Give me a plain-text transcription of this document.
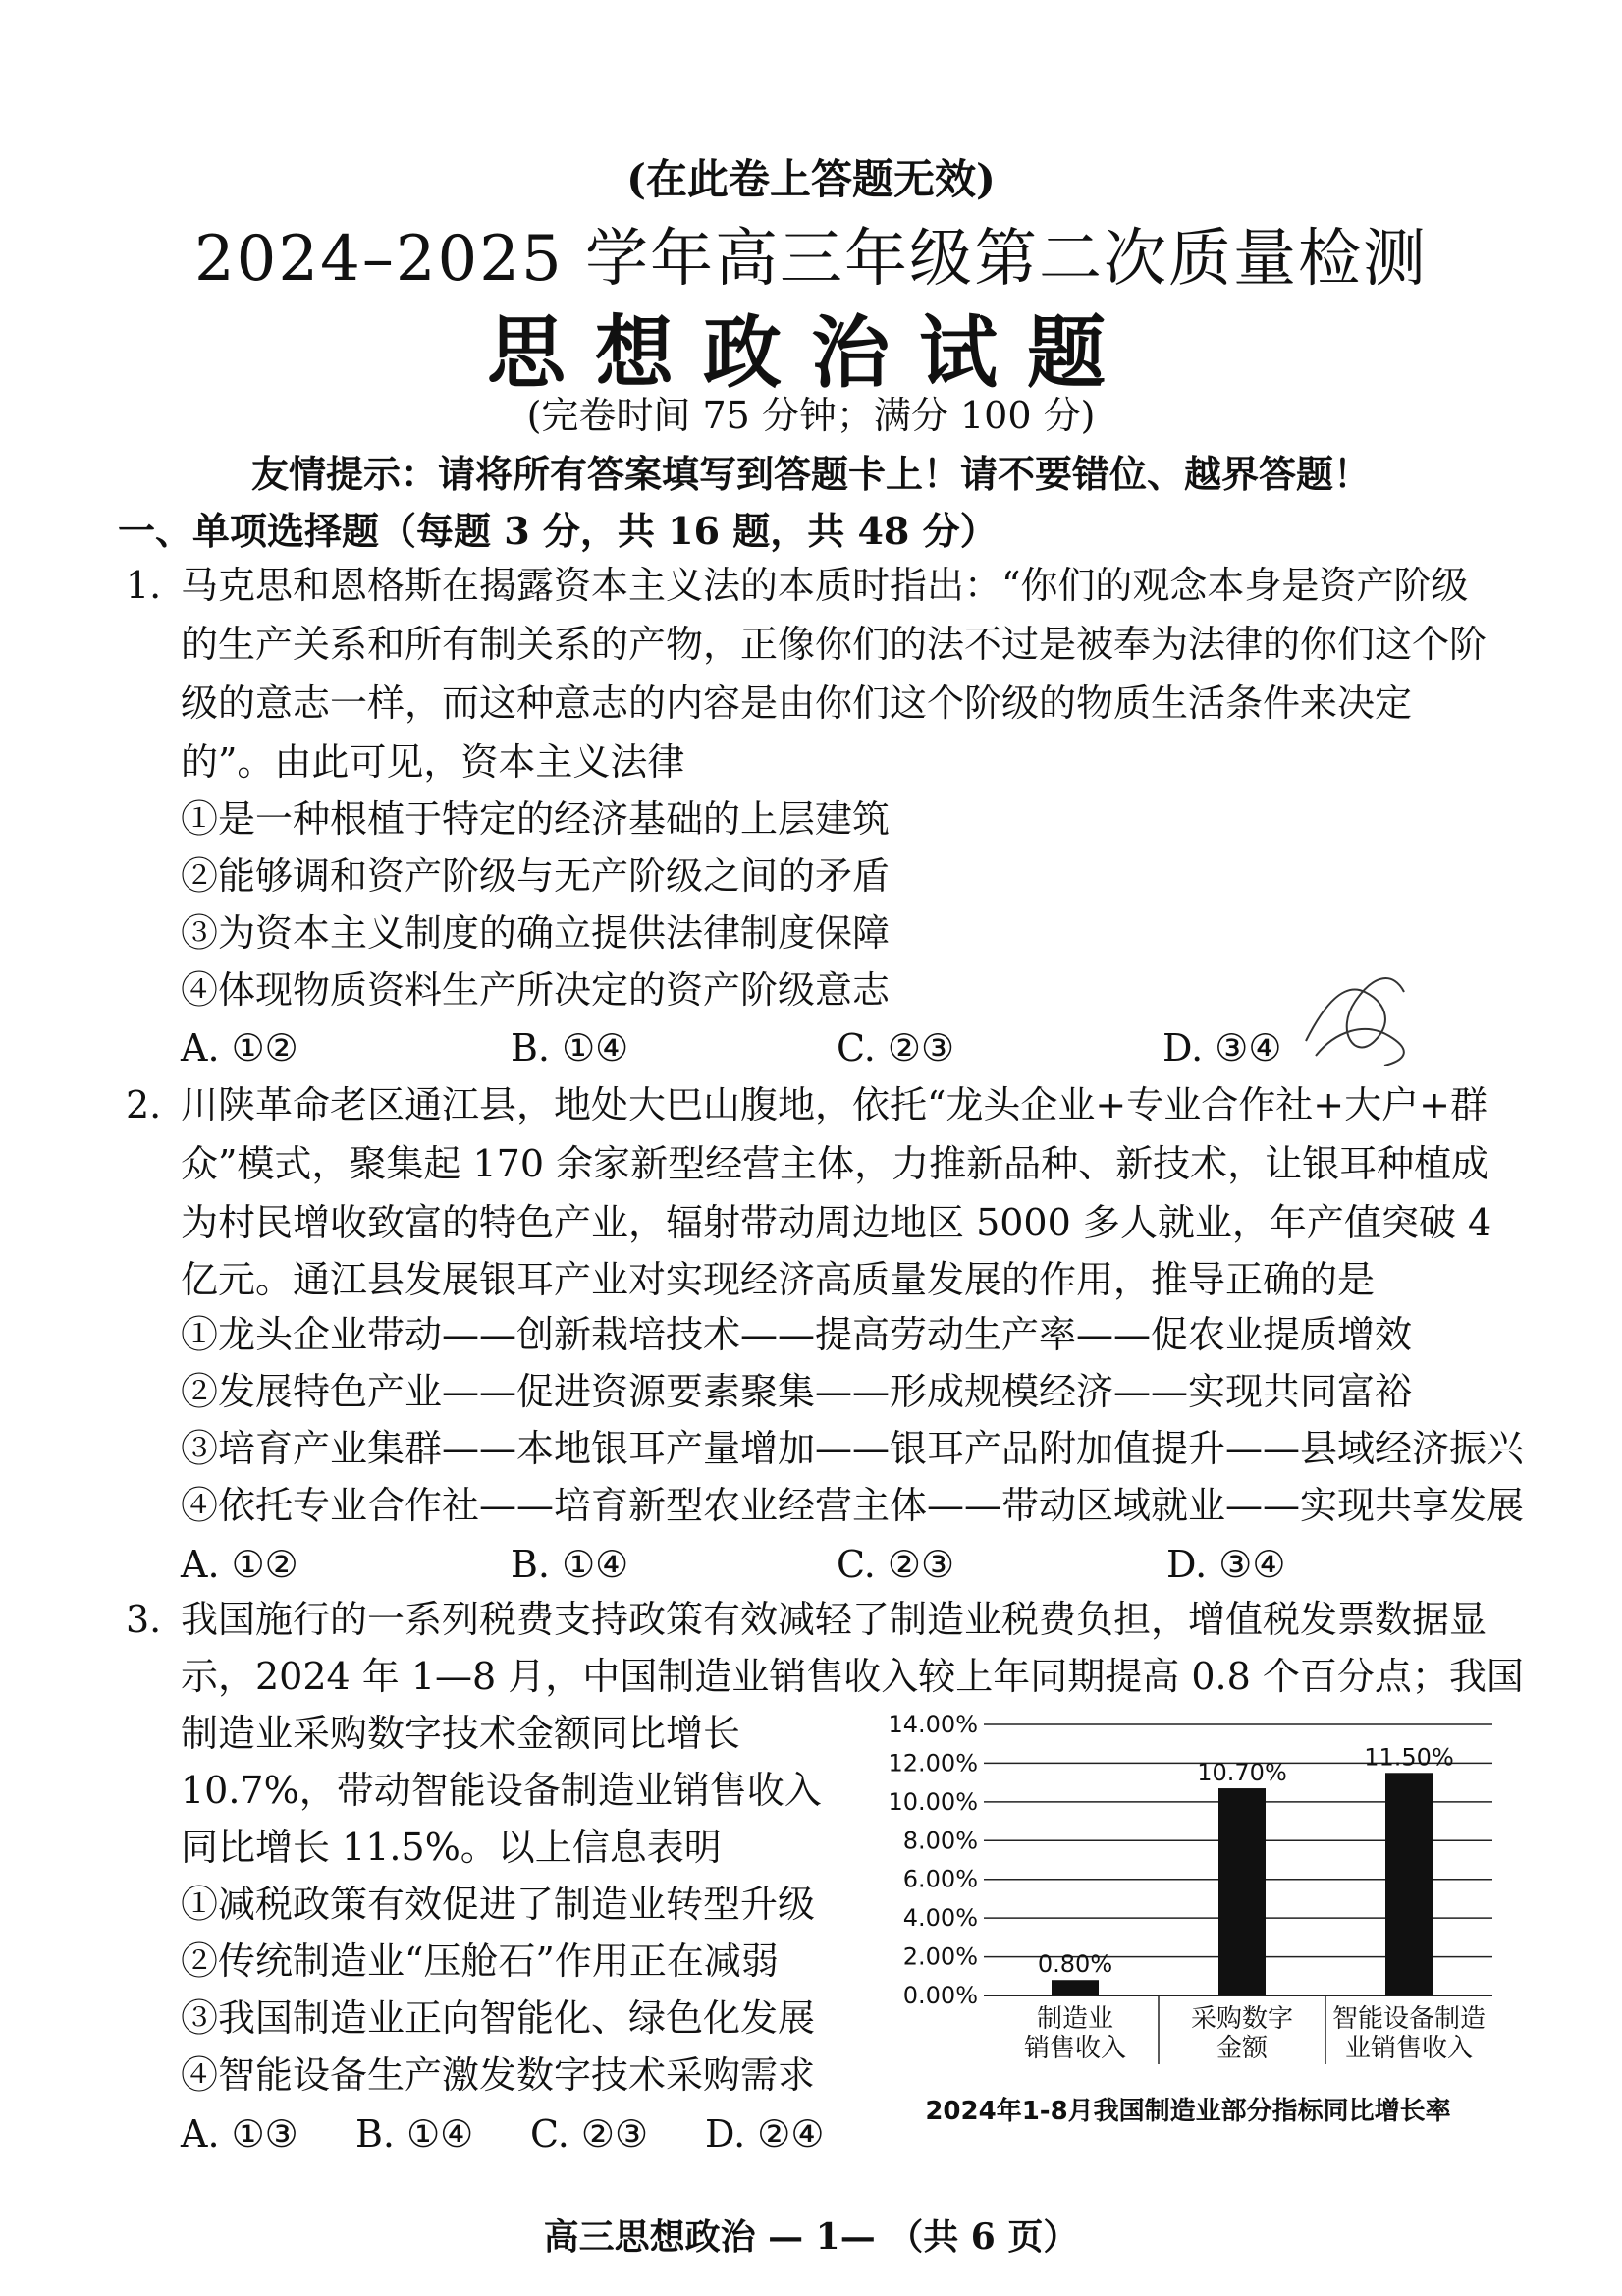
(在此卷上答题无效)
2024–2025 学年高三年级第二次质量检测
思想政治试题
(完卷时间 75 分钟；满分 100 分)
友情提示：请将所有答案填写到答题卡上！请不要错位、越界答题！
一、单项选择题（每题 3 分，共 16 题，共 48 分）
1. 马克思和恩格斯在揭露资本主义法的本质时指出：“你们的观念本身是资产阶级
的生产关系和所有制关系的产物，正像你们的法不过是被奉为法律的你们这个阶
级的意志一样，而这种意志的内容是由你们这个阶级的物质生活条件来决定
的”。由此可见，资本主义法律
①是一种根植于特定的经济基础的上层建筑
②能够调和资产阶级与无产阶级之间的矛盾
③为资本主义制度的确立提供法律制度保障
④体现物质资料生产所决定的资产阶级意志
A. ①②	B. ①④	C. ②③	D. ③④
2. 川陕革命老区通江县，地处大巴山腹地，依托“龙头企业+专业合作社+大户+群
众”模式，聚集起 170 余家新型经营主体，力推新品种、新技术，让银耳种植成
为村民增收致富的特色产业，辐射带动周边地区 5000 多人就业，年产值突破 4
亿元。通江县发展银耳产业对实现经济高质量发展的作用，推导正确的是
①龙头企业带动——创新栽培技术——提高劳动生产率——促农业提质增效
②发展特色产业——促进资源要素聚集——形成规模经济——实现共同富裕
③培育产业集群——本地银耳产量增加——银耳产品附加值提升——县域经济振兴
④依托专业合作社——培育新型农业经营主体——带动区域就业——实现共享发展
A. ①②	B. ①④	C. ②③	D. ③④
3. 我国施行的一系列税费支持政策有效减轻了制造业税费负担，增值税发票数据显
示，2024 年 1—8 月，中国制造业销售收入较上年同期提高 0.8 个百分点；我国
制造业采购数字技术金额同比增长
10.7%，带动智能设备制造业销售收入
同比增长 11.5%。以上信息表明
①减税政策有效促进了制造业转型升级
②传统制造业“压舱石”作用正在减弱
③我国制造业正向智能化、绿色化发展
④智能设备生产激发数字技术采购需求
A. ①③ B. ①④ C. ②③ D. ②④
0.00%
2.00%
4.00%
6.00%
8.00%
10.00%
12.00%
14.00%
0.80%
10.70%
11.50%
制造业
销售收入
采购数字
金额
智能设备制造
业销售收入
2024年1-8月我国制造业部分指标同比增长率
高三思想政治 — 1— （共 6 页）
